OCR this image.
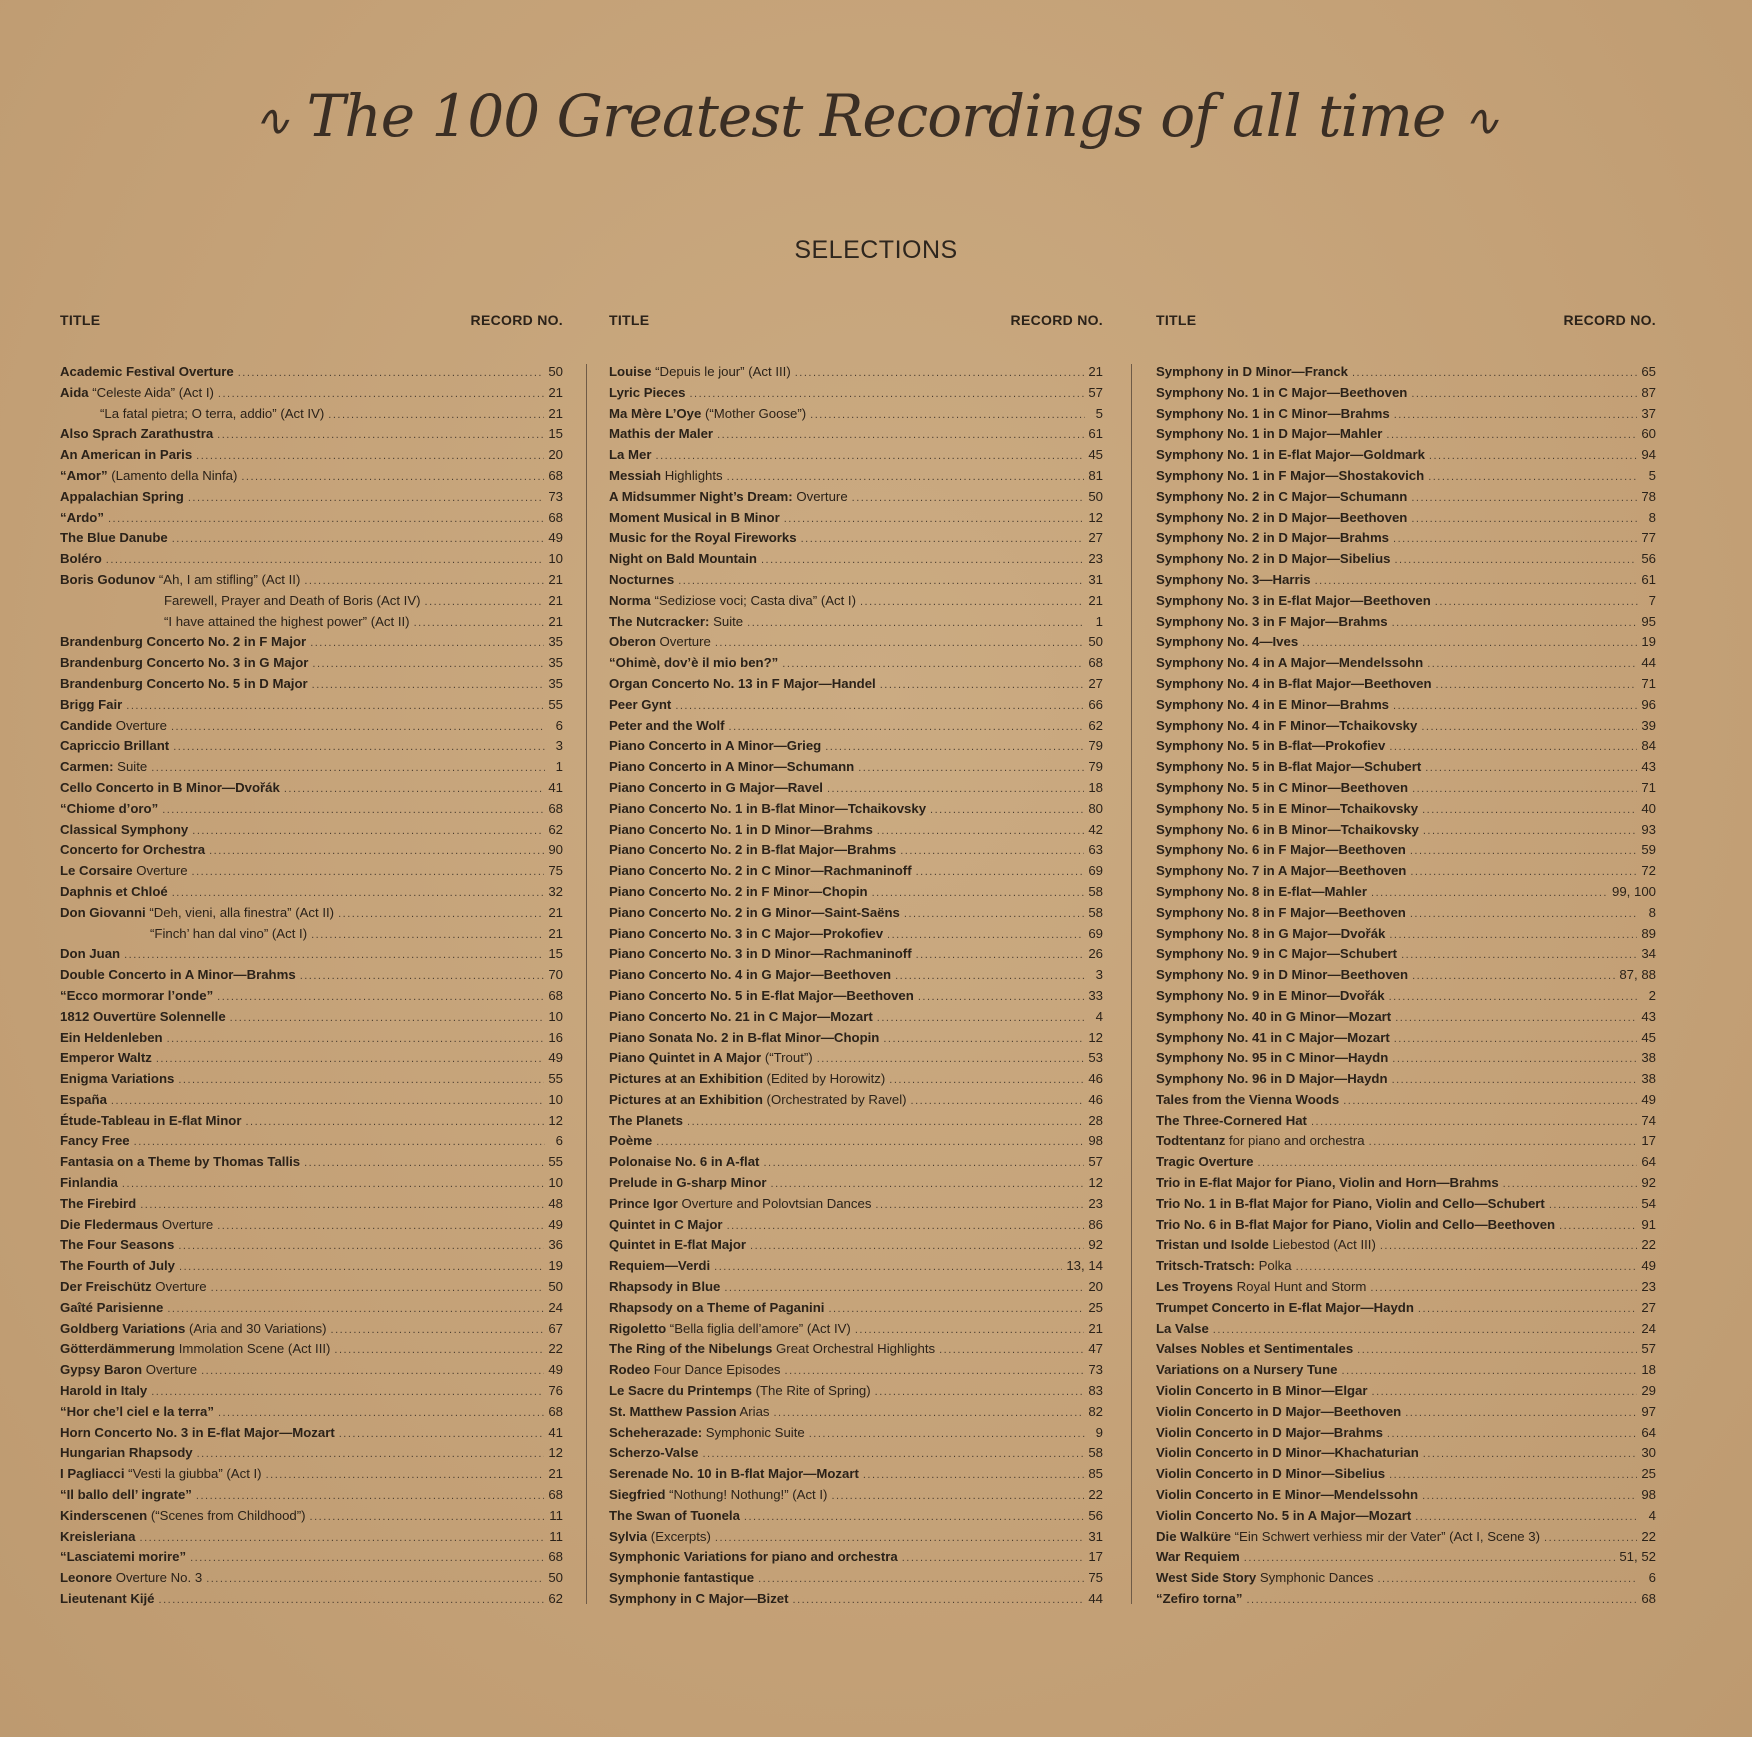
∿ The 100 Greatest Recordings of all time ∿
SELECTIONS
TITLE	RECORD NO.
Academic Festival Overture .....	50
Aida “Celeste Aida” (Act I) .....	21
“La fatal pietra; O terra, addio” (Act IV) .....	21
Also Sprach Zarathustra .....	15
An American in Paris .....	20
“Amor” (Lamento della Ninfa) .....	68
Appalachian Spring .....	73
“Ardo” .....	68
The Blue Danube .....	49
Boléro .....	10
Boris Godunov “Ah, I am stifling” (Act II) .....	21
Farewell, Prayer and Death of Boris (Act IV) .....	21
“I have attained the highest power” (Act II) .....	21
Brandenburg Concerto No. 2 in F Major .....	35
Brandenburg Concerto No. 3 in G Major .....	35
Brandenburg Concerto No. 5 in D Major .....	35
Brigg Fair .....	55
Candide Overture .....	6
Capriccio Brillant .....	3
Carmen: Suite .....	1
Cello Concerto in B Minor—Dvořák .....	41
“Chiome d’oro” .....	68
Classical Symphony .....	62
Concerto for Orchestra .....	90
Le Corsaire Overture .....	75
Daphnis et Chloé .....	32
Don Giovanni “Deh, vieni, alla finestra” (Act II) .....	21
“Finch’ han dal vino” (Act I) .....	21
Don Juan .....	15
Double Concerto in A Minor—Brahms .....	70
“Ecco mormorar l’onde” .....	68
1812 Ouvertüre Solennelle .....	10
Ein Heldenleben .....	16
Emperor Waltz .....	49
Enigma Variations .....	55
España .....	10
Étude-Tableau in E-flat Minor .....	12
Fancy Free .....	6
Fantasia on a Theme by Thomas Tallis .....	55
Finlandia .....	10
The Firebird .....	48
Die Fledermaus Overture .....	49
The Four Seasons .....	36
The Fourth of July .....	19
Der Freischütz Overture .....	50
Gaîté Parisienne .....	24
Goldberg Variations (Aria and 30 Variations) .....	67
Götterdämmerung Immolation Scene (Act III) .....	22
Gypsy Baron Overture .....	49
Harold in Italy .....	76
“Hor che’l ciel e la terra” .....	68
Horn Concerto No. 3 in E-flat Major—Mozart .....	41
Hungarian Rhapsody .....	12
I Pagliacci “Vesti la giubba” (Act I) .....	21
“Il ballo dell’ ingrate” .....	68
Kinderscenen (“Scenes from Childhood”) .....	11
Kreisleriana .....	11
“Lasciatemi morire” .....	68
Leonore Overture No. 3 .....	50
Lieutenant Kijé .....	62
TITLE	RECORD NO.
Louise “Depuis le jour” (Act III) .....	21
Lyric Pieces .....	57
Ma Mère L’Oye (“Mother Goose”) .....	5
Mathis der Maler .....	61
La Mer .....	45
Messiah Highlights .....	81
A Midsummer Night’s Dream: Overture .....	50
Moment Musical in B Minor .....	12
Music for the Royal Fireworks .....	27
Night on Bald Mountain .....	23
Nocturnes .....	31
Norma “Sediziose voci; Casta diva” (Act I) .....	21
The Nutcracker: Suite .....	1
Oberon Overture .....	50
“Ohimè, dov’è il mio ben?” .....	68
Organ Concerto No. 13 in F Major—Handel .....	27
Peer Gynt .....	66
Peter and the Wolf .....	62
Piano Concerto in A Minor—Grieg .....	79
Piano Concerto in A Minor—Schumann .....	79
Piano Concerto in G Major—Ravel .....	18
Piano Concerto No. 1 in B-flat Minor—Tchaikovsky .....	80
Piano Concerto No. 1 in D Minor—Brahms .....	42
Piano Concerto No. 2 in B-flat Major—Brahms .....	63
Piano Concerto No. 2 in C Minor—Rachmaninoff .....	69
Piano Concerto No. 2 in F Minor—Chopin .....	58
Piano Concerto No. 2 in G Minor—Saint-Saëns .....	58
Piano Concerto No. 3 in C Major—Prokofiev .....	69
Piano Concerto No. 3 in D Minor—Rachmaninoff .....	26
Piano Concerto No. 4 in G Major—Beethoven .....	3
Piano Concerto No. 5 in E-flat Major—Beethoven .....	33
Piano Concerto No. 21 in C Major—Mozart .....	4
Piano Sonata No. 2 in B-flat Minor—Chopin .....	12
Piano Quintet in A Major (“Trout”) .....	53
Pictures at an Exhibition (Edited by Horowitz) .....	46
Pictures at an Exhibition (Orchestrated by Ravel) .....	46
The Planets .....	28
Poème .....	98
Polonaise No. 6 in A-flat .....	57
Prelude in G-sharp Minor .....	12
Prince Igor Overture and Polovtsian Dances .....	23
Quintet in C Major .....	86
Quintet in E-flat Major .....	92
Requiem—Verdi .....	13, 14
Rhapsody in Blue .....	20
Rhapsody on a Theme of Paganini .....	25
Rigoletto “Bella figlia dell’amore” (Act IV) .....	21
The Ring of the Nibelungs Great Orchestral Highlights .....	47
Rodeo Four Dance Episodes .....	73
Le Sacre du Printemps (The Rite of Spring) .....	83
St. Matthew Passion Arias .....	82
Scheherazade: Symphonic Suite .....	9
Scherzo-Valse .....	58
Serenade No. 10 in B-flat Major—Mozart .....	85
Siegfried “Nothung! Nothung!” (Act I) .....	22
The Swan of Tuonela .....	56
Sylvia (Excerpts) .....	31
Symphonic Variations for piano and orchestra .....	17
Symphonie fantastique .....	75
Symphony in C Major—Bizet .....	44
TITLE	RECORD NO.
Symphony in D Minor—Franck .....	65
Symphony No. 1 in C Major—Beethoven .....	87
Symphony No. 1 in C Minor—Brahms .....	37
Symphony No. 1 in D Major—Mahler .....	60
Symphony No. 1 in E-flat Major—Goldmark .....	94
Symphony No. 1 in F Major—Shostakovich .....	5
Symphony No. 2 in C Major—Schumann .....	78
Symphony No. 2 in D Major—Beethoven .....	8
Symphony No. 2 in D Major—Brahms .....	77
Symphony No. 2 in D Major—Sibelius .....	56
Symphony No. 3—Harris .....	61
Symphony No. 3 in E-flat Major—Beethoven .....	7
Symphony No. 3 in F Major—Brahms .....	95
Symphony No. 4—Ives .....	19
Symphony No. 4 in A Major—Mendelssohn .....	44
Symphony No. 4 in B-flat Major—Beethoven .....	71
Symphony No. 4 in E Minor—Brahms .....	96
Symphony No. 4 in F Minor—Tchaikovsky .....	39
Symphony No. 5 in B-flat—Prokofiev .....	84
Symphony No. 5 in B-flat Major—Schubert .....	43
Symphony No. 5 in C Minor—Beethoven .....	71
Symphony No. 5 in E Minor—Tchaikovsky .....	40
Symphony No. 6 in B Minor—Tchaikovsky .....	93
Symphony No. 6 in F Major—Beethoven .....	59
Symphony No. 7 in A Major—Beethoven .....	72
Symphony No. 8 in E-flat—Mahler .....	99, 100
Symphony No. 8 in F Major—Beethoven .....	8
Symphony No. 8 in G Major—Dvořák .....	89
Symphony No. 9 in C Major—Schubert .....	34
Symphony No. 9 in D Minor—Beethoven .....	87, 88
Symphony No. 9 in E Minor—Dvořák .....	2
Symphony No. 40 in G Minor—Mozart .....	43
Symphony No. 41 in C Major—Mozart .....	45
Symphony No. 95 in C Minor—Haydn .....	38
Symphony No. 96 in D Major—Haydn .....	38
Tales from the Vienna Woods .....	49
The Three-Cornered Hat .....	74
Todtentanz for piano and orchestra .....	17
Tragic Overture .....	64
Trio in E-flat Major for Piano, Violin and Horn—Brahms .....	92
Trio No. 1 in B-flat Major for Piano, Violin and Cello—Schubert .....	54
Trio No. 6 in B-flat Major for Piano, Violin and Cello—Beethoven .....	91
Tristan und Isolde Liebestod (Act III) .....	22
Tritsch-Tratsch: Polka .....	49
Les Troyens Royal Hunt and Storm .....	23
Trumpet Concerto in E-flat Major—Haydn .....	27
La Valse .....	24
Valses Nobles et Sentimentales .....	57
Variations on a Nursery Tune .....	18
Violin Concerto in B Minor—Elgar .....	29
Violin Concerto in D Major—Beethoven .....	97
Violin Concerto in D Major—Brahms .....	64
Violin Concerto in D Minor—Khachaturian .....	30
Violin Concerto in D Minor—Sibelius .....	25
Violin Concerto in E Minor—Mendelssohn .....	98
Violin Concerto No. 5 in A Major—Mozart .....	4
Die Walküre “Ein Schwert verhiess mir der Vater” (Act I, Scene 3) .....	22
War Requiem .....	51, 52
West Side Story Symphonic Dances .....	6
“Zefiro torna” .....	68
